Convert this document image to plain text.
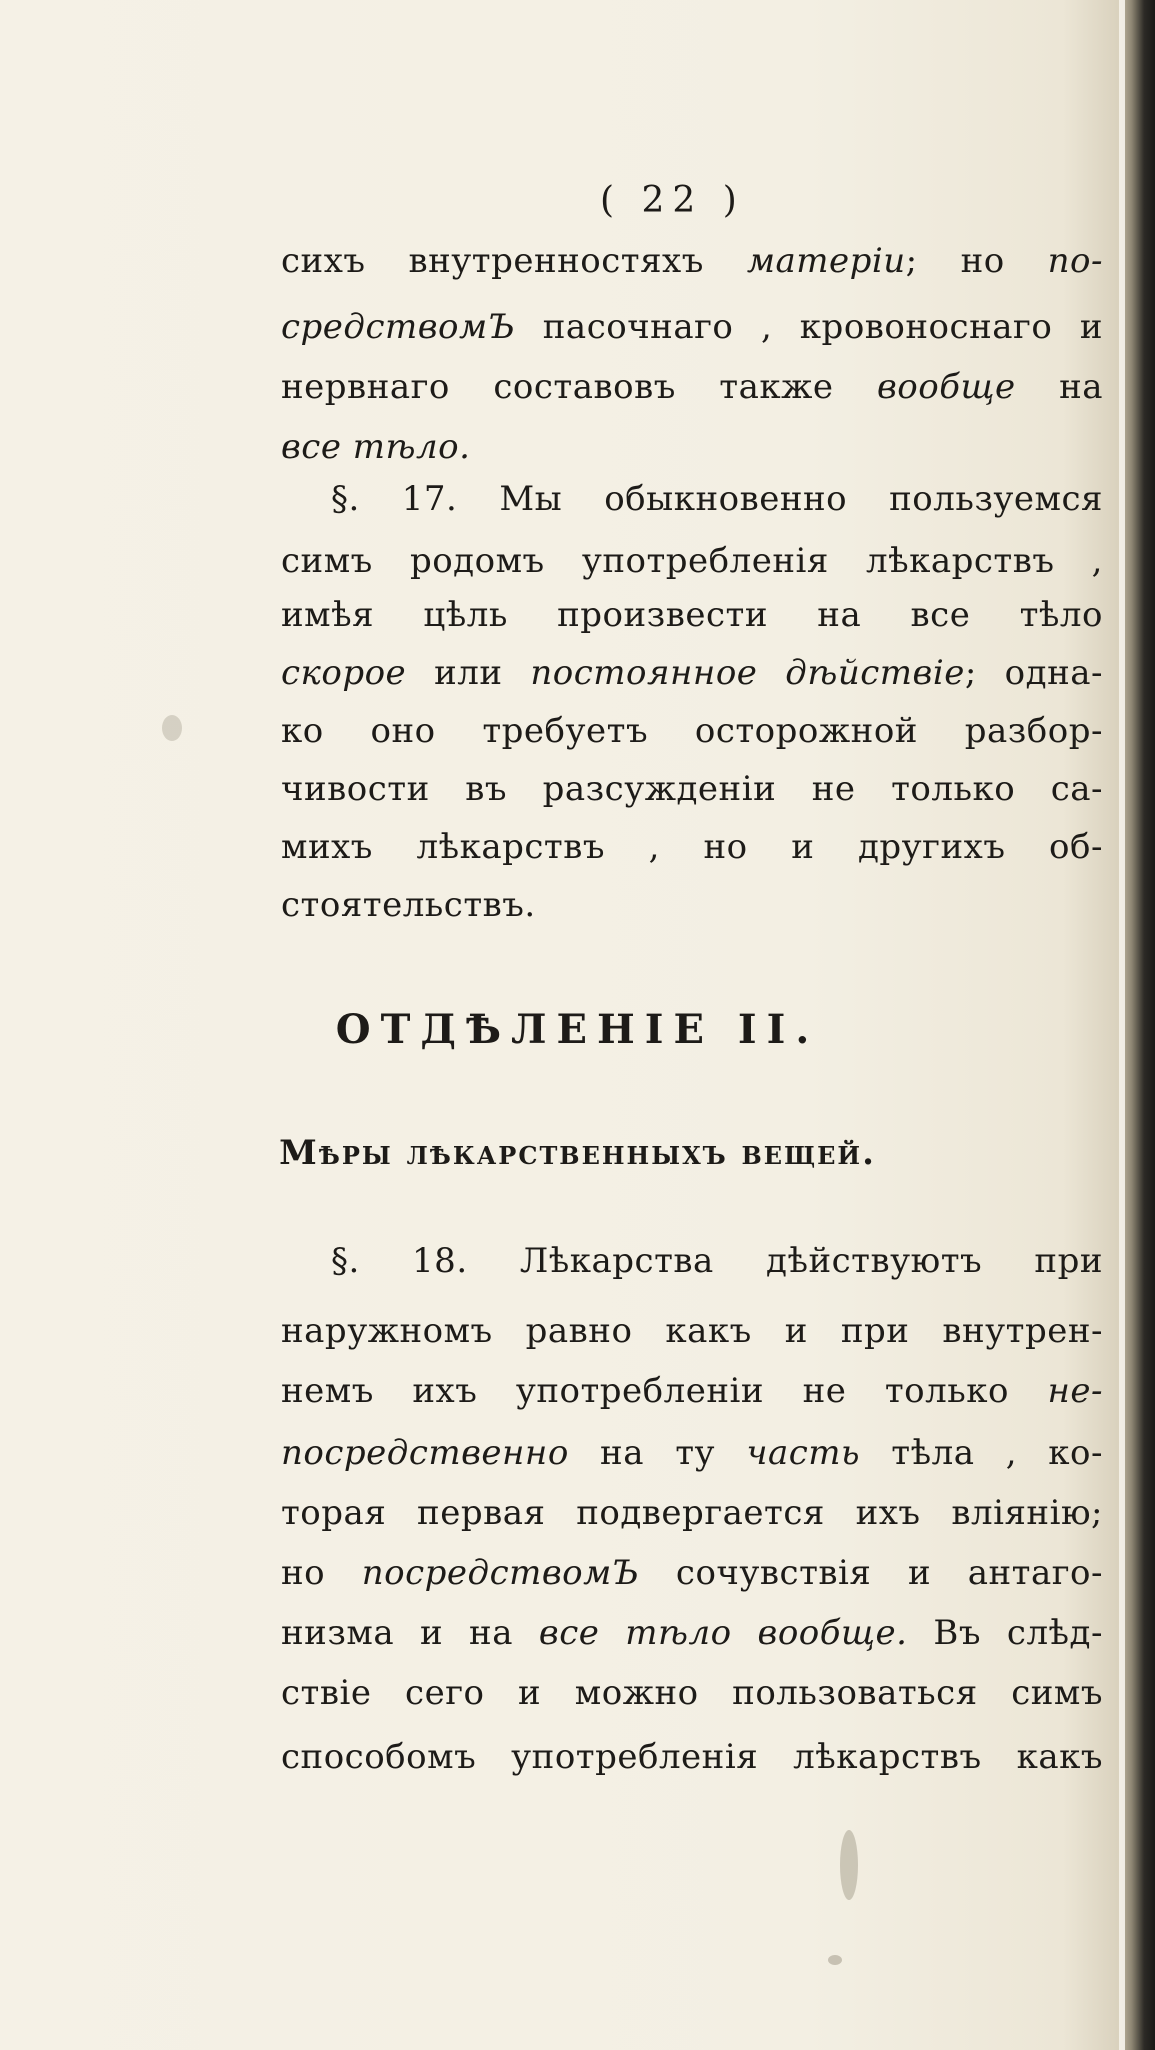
( 22 )
сихъ внутренностяхъ матеріи; но по-
средствомЪ пасочнаго , кровоноснаго и
нервнаго составовъ также вообще на
все тѣло.
§. 17. Мы обыкновенно пользуемся
симъ родомъ употребленія лѣкарствъ ,
имѣя цѣль произвести на все тѣло
скорое или постоянное дѣйствіе; одна-
ко оно требуетъ осторожной разбор-
чивости въ разсужденіи не только са-
михъ лѣкарствъ , но и другихъ об-
стоятельствъ.
ОТДѢЛЕНІЕ II.
Мѣры лѣкарственныхъ вещей.
§. 18. Лѣкарства дѣйствуютъ при
наружномъ равно какъ и при внутрен-
немъ ихъ употребленіи не только не-
посредственно на ту часть тѣла , ко-
торая первая подвергается ихъ вліянію;
но посредствомЪ сочувствія и антаго-
низма и на все тѣло вообще. Въ слѣд-
ствіе сего и можно пользоваться симъ
способомъ употребленія лѣкарствъ какъ
